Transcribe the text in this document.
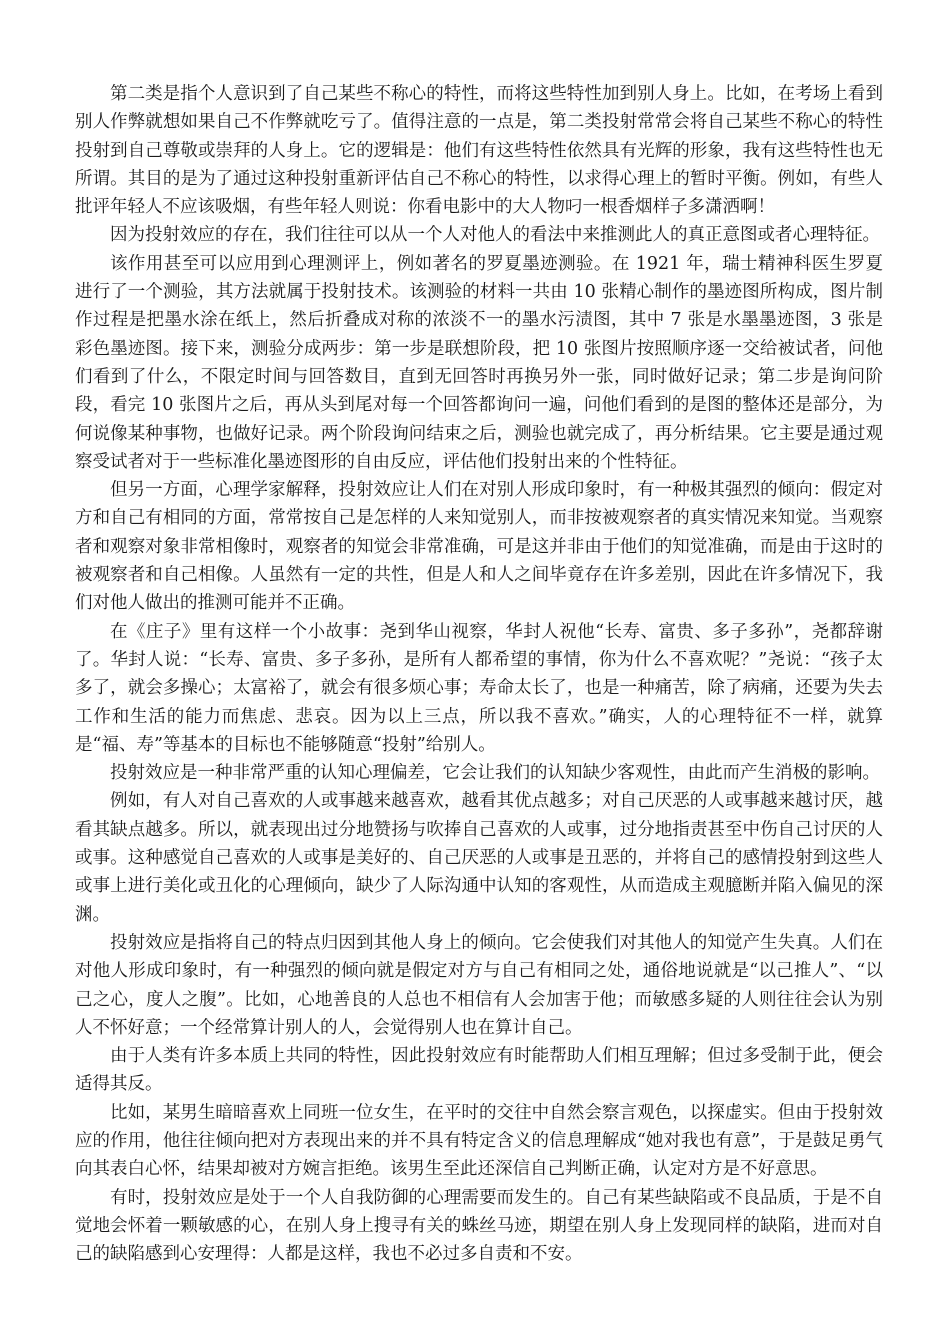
第二类是指个人意识到了自己某些不称心的特性，而将这些特性加到别人身上。比如，在考场上看到别人作弊就想如果自己不作弊就吃亏了。值得注意的一点是，第二类投射常常会将自己某些不称心的特性投射到自己尊敬或崇拜的人身上。它的逻辑是：他们有这些特性依然具有光辉的形象，我有这些特性也无所谓。其目的是为了通过这种投射重新评估自己不称心的特性，以求得心理上的暂时平衡。例如，有些人批评年轻人不应该吸烟，有些年轻人则说：你看电影中的大人物叼一根香烟样子多潇洒啊！

因为投射效应的存在，我们往往可以从一个人对他人的看法中来推测此人的真正意图或者心理特征。

该作用甚至可以应用到心理测评上，例如著名的罗夏墨迹测验。在 1921 年，瑞士精神科医生罗夏进行了一个测验，其方法就属于投射技术。该测验的材料一共由 10 张精心制作的墨迹图所构成，图片制作过程是把墨水涂在纸上，然后折叠成对称的浓淡不一的墨水污渍图，其中 7 张是水墨墨迹图，3 张是彩色墨迹图。接下来，测验分成两步：第一步是联想阶段，把 10 张图片按照顺序逐一交给被试者，问他们看到了什么，不限定时间与回答数目，直到无回答时再换另外一张，同时做好记录；第二步是询问阶段，看完 10 张图片之后，再从头到尾对每一个回答都询问一遍，问他们看到的是图的整体还是部分，为何说像某种事物，也做好记录。两个阶段询问结束之后，测验也就完成了，再分析结果。它主要是通过观察受试者对于一些标准化墨迹图形的自由反应，评估他们投射出来的个性特征。

但另一方面，心理学家解释，投射效应让人们在对别人形成印象时，有一种极其强烈的倾向：假定对方和自己有相同的方面，常常按自己是怎样的人来知觉别人，而非按被观察者的真实情况来知觉。当观察者和观察对象非常相像时，观察者的知觉会非常准确，可是这并非由于他们的知觉准确，而是由于这时的被观察者和自己相像。人虽然有一定的共性，但是人和人之间毕竟存在许多差别，因此在许多情况下，我们对他人做出的推测可能并不正确。

在《庄子》里有这样一个小故事：尧到华山视察，华封人祝他“长寿、富贵、多子多孙”，尧都辞谢了。华封人说：“长寿、富贵、多子多孙，是所有人都希望的事情，你为什么不喜欢呢？”尧说：“孩子太多了，就会多操心；太富裕了，就会有很多烦心事；寿命太长了，也是一种痛苦，除了病痛，还要为失去工作和生活的能力而焦虑、悲哀。因为以上三点，所以我不喜欢。”确实，人的心理特征不一样，就算是“福、寿”等基本的目标也不能够随意“投射”给别人。

投射效应是一种非常严重的认知心理偏差，它会让我们的认知缺少客观性，由此而产生消极的影响。

例如，有人对自己喜欢的人或事越来越喜欢，越看其优点越多；对自己厌恶的人或事越来越讨厌，越看其缺点越多。所以，就表现出过分地赞扬与吹捧自己喜欢的人或事，过分地指责甚至中伤自己讨厌的人或事。这种感觉自己喜欢的人或事是美好的、自己厌恶的人或事是丑恶的，并将自己的感情投射到这些人或事上进行美化或丑化的心理倾向，缺少了人际沟通中认知的客观性，从而造成主观臆断并陷入偏见的深渊。

投射效应是指将自己的特点归因到其他人身上的倾向。它会使我们对其他人的知觉产生失真。人们在对他人形成印象时，有一种强烈的倾向就是假定对方与自己有相同之处，通俗地说就是“以己推人”、“以己之心，度人之腹”。比如，心地善良的人总也不相信有人会加害于他；而敏感多疑的人则往往会认为别人不怀好意；一个经常算计别人的人，会觉得别人也在算计自己。

由于人类有许多本质上共同的特性，因此投射效应有时能帮助人们相互理解；但过多受制于此，便会适得其反。

比如，某男生暗暗喜欢上同班一位女生，在平时的交往中自然会察言观色，以探虚实。但由于投射效应的作用，他往往倾向把对方表现出来的并不具有特定含义的信息理解成“她对我也有意”，于是鼓足勇气向其表白心怀，结果却被对方婉言拒绝。该男生至此还深信自己判断正确，认定对方是不好意思。

有时，投射效应是处于一个人自我防御的心理需要而发生的。自己有某些缺陷或不良品质，于是不自觉地会怀着一颗敏感的心，在别人身上搜寻有关的蛛丝马迹，期望在别人身上发现同样的缺陷，进而对自己的缺陷感到心安理得：人都是这样，我也不必过多自责和不安。
